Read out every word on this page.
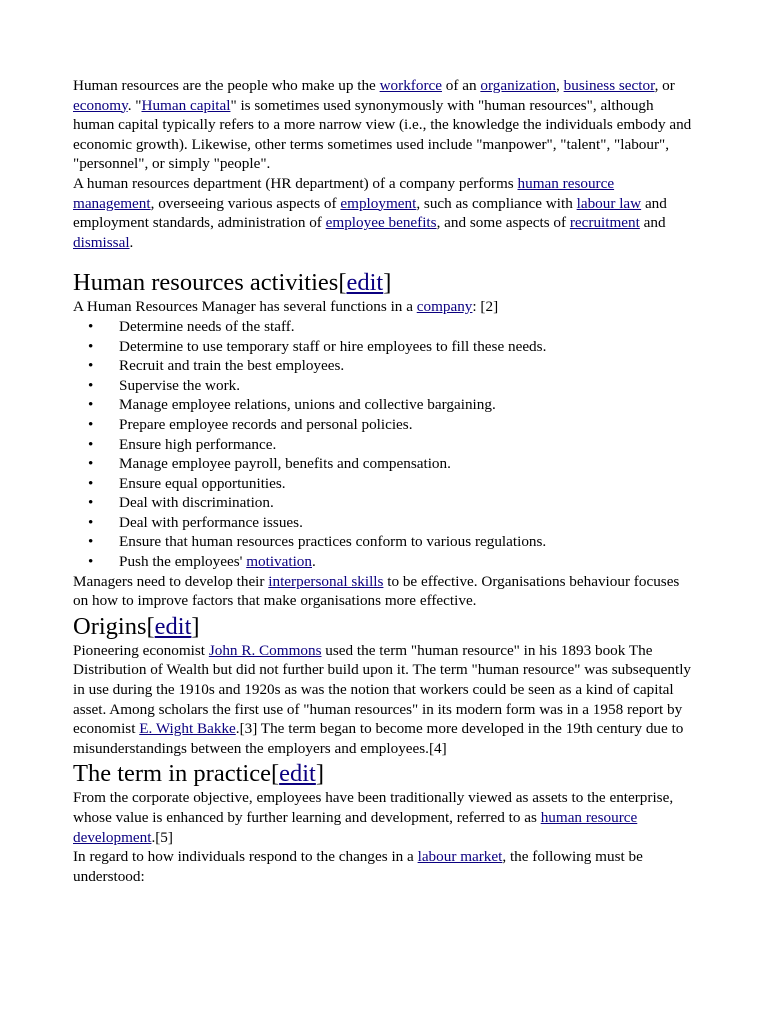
Human resources are the people who make up the workforce of an organization, business sector, or economy. "Human capital" is sometimes used synonymously with "human resources", although human capital typically refers to a more narrow view (i.e., the knowledge the individuals embody and economic growth). Likewise, other terms sometimes used include "manpower", "talent", "labour", "personnel", or simply "people".

A human resources department (HR department) of a company performs human resource management, overseeing various aspects of employment, such as compliance with labour law and employment standards, administration of employee benefits, and some aspects of recruitment and dismissal.

Human resources activities[edit]

A Human Resources Manager has several functions in a company: [2]

• Determine needs of the staff.
• Determine to use temporary staff or hire employees to fill these needs.
• Recruit and train the best employees.
• Supervise the work.
• Manage employee relations, unions and collective bargaining.
• Prepare employee records and personal policies.
• Ensure high performance.
• Manage employee payroll, benefits and compensation.
• Ensure equal opportunities.
• Deal with discrimination.
• Deal with performance issues.
• Ensure that human resources practices conform to various regulations.
• Push the employees' motivation.

Managers need to develop their interpersonal skills to be effective. Organisations behaviour focuses on how to improve factors that make organisations more effective.

Origins[edit]

Pioneering economist John R. Commons used the term "human resource" in his 1893 book The Distribution of Wealth but did not further build upon it. The term "human resource" was subsequently in use during the 1910s and 1920s as was the notion that workers could be seen as a kind of capital asset. Among scholars the first use of "human resources" in its modern form was in a 1958 report by economist E. Wight Bakke.[3] The term began to become more developed in the 19th century due to misunderstandings between the employers and employees.[4]

The term in practice[edit]

From the corporate objective, employees have been traditionally viewed as assets to the enterprise, whose value is enhanced by further learning and development, referred to as human resource development.[5]

In regard to how individuals respond to the changes in a labour market, the following must be understood:
